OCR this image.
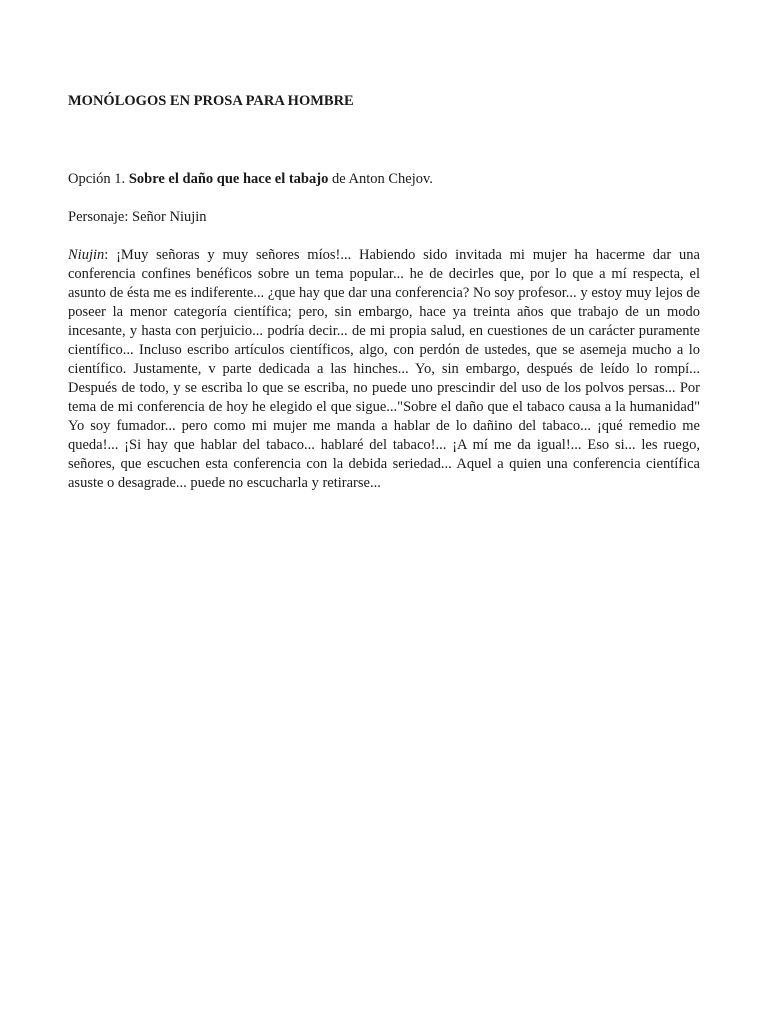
MONÓLOGOS EN PROSA PARA HOMBRE
Opción 1. Sobre el daño que hace el tabajo de Anton Chejov.
Personaje: Señor Niujin

Niujin: ¡Muy señoras y muy señores míos!... Habiendo sido invitada mi mujer ha hacerme dar una conferencia confines benéficos sobre un tema popular... he de decirles que, por lo que a mí respecta, el asunto de ésta me es indiferente... ¿que hay que dar una conferencia? No soy profesor... y estoy muy lejos de poseer la menor categoría científica; pero, sin embargo, hace ya treinta años que trabajo de un modo incesante, y hasta con perjuicio... podría decir... de mi propia salud, en cuestiones de un carácter puramente científico... Incluso escribo artículos científicos, algo, con perdón de ustedes, que se asemeja mucho a lo científico. Justamente, v parte dedicada a las hinches... Yo, sin embargo, después de leído lo rompí... Después de todo, y se escriba lo que se escriba, no puede uno prescindir del uso de los polvos persas... Por tema de mi conferencia de hoy he elegido el que sigue..."Sobre el daño que el tabaco causa a la humanidad" Yo soy fumador... pero como mi mujer me manda a hablar de lo dañino del tabaco... ¡qué remedio me queda!... ¡Si hay que hablar del tabaco... hablaré del tabaco!... ¡A mí me da igual!... Eso si... les ruego, señores, que escuchen esta conferencia con la debida seriedad... Aquel a quien una conferencia científica asuste o desagrade... puede no escucharla y retirarse...
